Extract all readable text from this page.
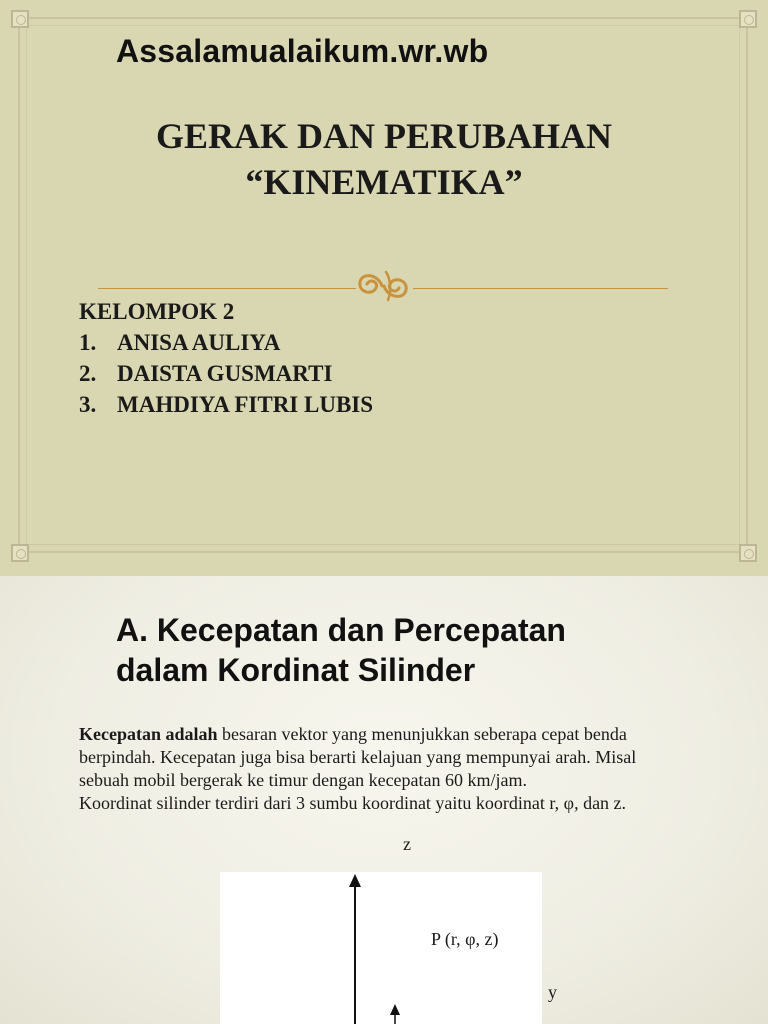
Assalamualaikum.wr.wb
GERAK DAN PERUBAHAN
“KINEMATIKA”
KELOMPOK 2
1. ANISA AULIYA
2. DAISTA GUSMARTI
3. MAHDIYA FITRI LUBIS
A. Kecepatan dan Percepatan
dalam Kordinat Silinder

Kecepatan adalah besaran vektor yang menunjukkan seberapa cepat benda berpindah. Kecepatan juga bisa berarti kelajuan yang mempunyai arah. Misal sebuah mobil bergerak ke timur dengan kecepatan 60 km/jam.

Koordinat silinder terdiri dari 3 sumbu koordinat yaitu koordinat r, φ, dan z.

z

P (r, φ, z)

y
